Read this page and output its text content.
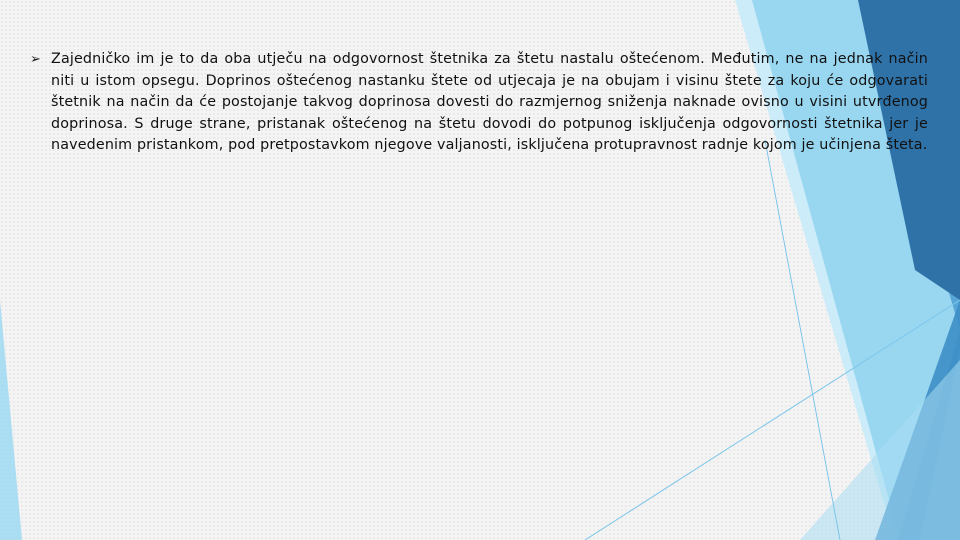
➢ Zajedničko im je to da oba utječu na odgovornost štetnika za štetu nastalu oštećenom. Međutim, ne na jednak način niti u istom opsegu. Doprinos oštećenog nastanku štete od utjecaja je na obujam i visinu štete za koju će odgovarati štetnik na način da će postojanje takvog doprinosa dovesti do razmjernog sniženja naknade ovisno u visini utvrđenog doprinosa. S druge strane, pristanak oštećenog na štetu dovodi do potpunog isključenja odgovornosti štetnika jer je navedenim pristankom, pod pretpostavkom njegove valjanosti, isključena protupravnost radnje kojom je učinjena šteta.
